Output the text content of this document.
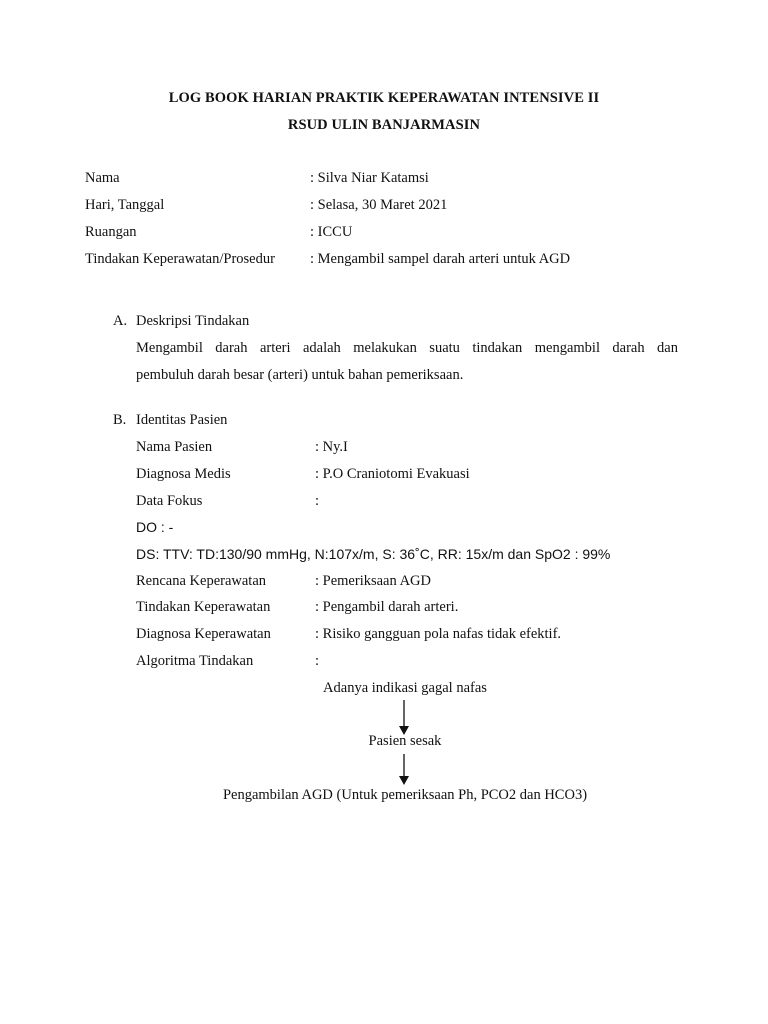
LOG BOOK HARIAN PRAKTIK KEPERAWATAN INTENSIVE II
RSUD ULIN BANJARMASIN
Nama	: Silva Niar Katamsi
Hari, Tanggal	: Selasa, 30 Maret 2021
Ruangan	: ICCU
Tindakan Keperawatan/Prosedur : Mengambil sampel darah arteri untuk AGD
A. Deskripsi Tindakan
Mengambil darah arteri adalah melakukan suatu tindakan mengambil darah dan
pembuluh darah besar (arteri) untuk bahan pemeriksaan.
B. Identitas Pasien
Nama Pasien	: Ny.I
Diagnosa Medis	: P.O Craniotomi Evakuasi
Data Fokus	:
DO : -
DS: TTV: TD:130/90 mmHg, N:107x/m, S: 36˚C, RR: 15x/m dan SpO2 : 99%
Rencana Keperawatan	: Pemeriksaan AGD
Tindakan Keperawatan	: Pengambil darah arteri.
Diagnosa Keperawatan	: Risiko gangguan pola nafas tidak efektif.
Algoritma Tindakan	:
Adanya indikasi gagal nafas
Pasien sesak
Pengambilan AGD (Untuk pemeriksaan Ph, PCO2 dan HCO3)
